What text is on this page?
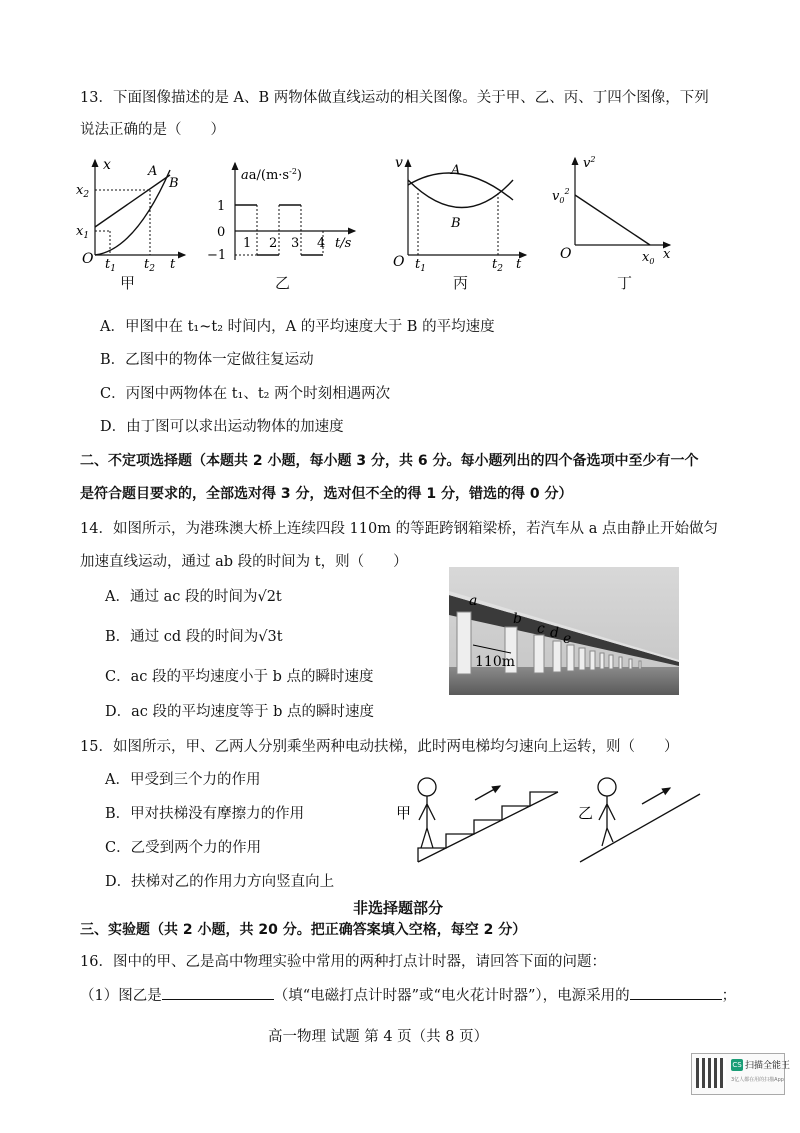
13．下面图像描述的是 A、B 两物体做直线运动的相关图像。关于甲、乙、丙、丁四个图像，下列
说法正确的是（　　）
x
$x_2$
$x_1$
O $t_1$ $t_2$ t
A
B
甲
$aa/(m\cdot s^{-2})$
1
0
−1
1 2 3 4 t/s
乙
v	A
B
O $t_1$	$t_2$ t
丙
$v^2$
$v_0^2$
O	$x_0$ x
丁
A．甲图中在 t₁~t₂ 时间内，A 的平均速度大于 B 的平均速度
B．乙图中的物体一定做往复运动
C．丙图中两物体在 t₁、t₂ 两个时刻相遇两次
D．由丁图可以求出运动物体的加速度
二、不定项选择题（本题共 2 小题，每小题 3 分，共 6 分。每小题列出的四个备选项中至少有一个
是符合题目要求的，全部选对得 3 分，选对但不全的得 1 分，错选的得 0 分）
14．如图所示，为港珠澳大桥上连续四段 110m 的等距跨钢箱梁桥，若汽车从 a 点由静止开始做匀
加速直线运动，通过 ab 段的时间为 t，则（　　）
A．通过 ac 段的时间为√2t
B．通过 cd 段的时间为√3t
C．ac 段的平均速度小于 b 点的瞬时速度
D．ac 段的平均速度等于 b 点的瞬时速度
a
b
c d e
110m
15．如图所示，甲、乙两人分别乘坐两种电动扶梯，此时两电梯均匀速向上运转，则（　　）
A．甲受到三个力的作用
B．甲对扶梯没有摩擦力的作用
C．乙受到两个力的作用
D．扶梯对乙的作用力方向竖直向上
甲	乙
非选择题部分
三、实验题（共 2 小题，共 20 分。把正确答案填入空格，每空 2 分）
16．图中的甲、乙是高中物理实验中常用的两种打点计时器，请回答下面的问题：
（1）图乙是	（填“电磁打点计时器”或“电火花计时器”），电源采用的	；
高一物理 试题 第 4 页（共 8 页）
CS 扫描全能王
3亿人都在用的扫描App
